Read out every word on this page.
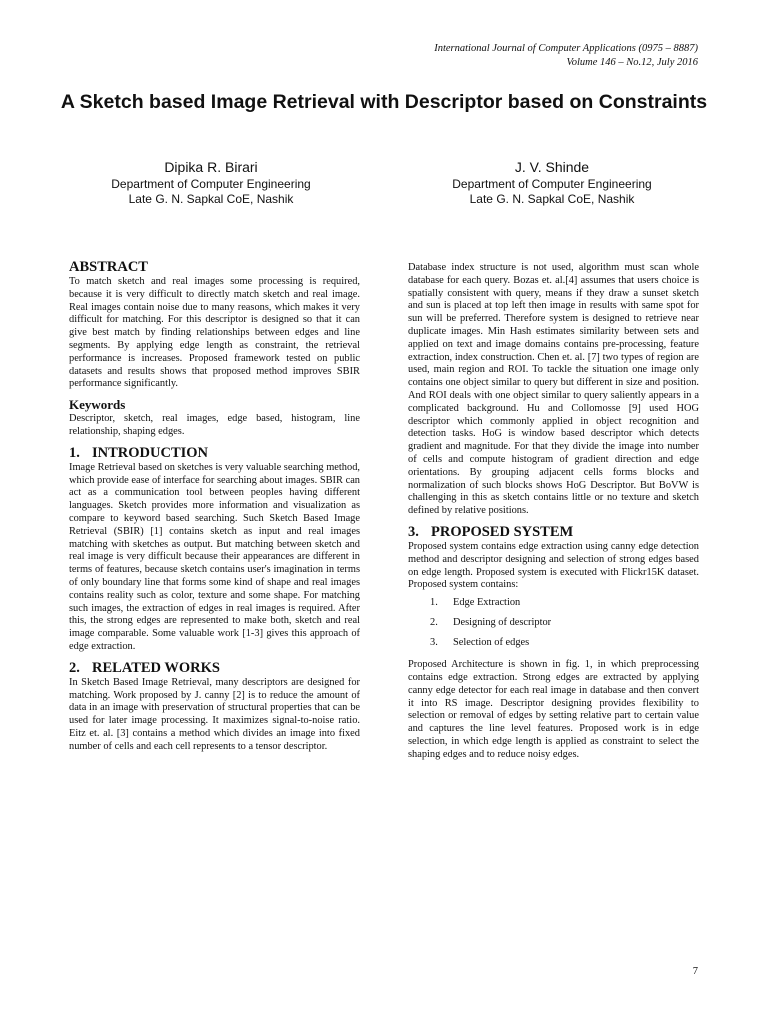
International Journal of Computer Applications (0975 – 8887)
Volume 146 – No.12, July 2016
A Sketch based Image Retrieval with Descriptor based on Constraints
Dipika R. Birari
Department of Computer Engineering
Late G. N. Sapkal CoE, Nashik
J. V. Shinde
Department of Computer Engineering
Late G. N. Sapkal CoE, Nashik
ABSTRACT

To match sketch and real images some processing is required, because it is very difficult to directly match sketch and real image. Real images contain noise due to many reasons, which makes it very difficult for matching. For this descriptor is designed so that it can give best match by finding relationships between edges and line segments. By applying edge length as constraint, the retrieval performance is increases. Proposed framework tested on public datasets and results shows that proposed method improves SBIR performance significantly.

Keywords

Descriptor, sketch, real images, edge based, histogram, line relationship, shaping edges.

1. INTRODUCTION

Image Retrieval based on sketches is very valuable searching method, which provide ease of interface for searching about images. SBIR can act as a communication tool between peoples having different languages. Sketch provides more information and visualization as compare to keyword based searching. Such Sketch Based Image Retrieval (SBIR) [1] contains sketch as input and real images matching with sketches as output. But matching between sketch and real image is very difficult because their appearances are different in terms of features, because sketch contains user's imagination in terms of only boundary line that forms some kind of shape and real images contains reality such as color, texture and some shape. For matching such images, the extraction of edges in real images is required. After this, the strong edges are represented to make both, sketch and real image comparable. Some valuable work [1-3] gives this approach of edge extraction.

2. RELATED WORKS

In Sketch Based Image Retrieval, many descriptors are designed for matching. Work proposed by J. canny [2] is to reduce the amount of data in an image with preservation of structural properties that can be used for later image processing. It maximizes signal-to-noise ratio. Eitz et. al. [3] contains a method which divides an image into fixed number of cells and each cell represents to a tensor descriptor.

Database index structure is not used, algorithm must scan whole database for each query. Bozas et. al.[4] assumes that users choice is spatially consistent with query, means if they draw a sunset sketch and sun is placed at top left then image in results with same spot for sun will be preferred. Therefore system is designed to retrieve near duplicate images. Min Hash estimates similarity between sets and applied on text and image domains contains pre-processing, feature extraction, index construction. Chen et. al. [7] two types of region are used, main region and ROI. To tackle the situation one image only contains one object similar to query but different in size and position. And ROI deals with one object similar to query saliently appears in a complicated background. Hu and Collomosse [9] used HOG descriptor which commonly applied in object recognition and detection tasks. HoG is window based descriptor which detects gradient and magnitude. For that they divide the image into number of cells and compute histogram of gradient direction and edge orientations. By grouping adjacent cells forms blocks and normalization of such blocks shows HoG Descriptor. But BoVW is challenging in this as sketch contains little or no texture and sketch defined by relative positions.

3. PROPOSED SYSTEM

Proposed system contains edge extraction using canny edge detection method and descriptor designing and selection of strong edges based on edge length. Proposed system is executed with Flickr15K dataset. Proposed system contains:

1. Edge Extraction
2. Designing of descriptor
3. Selection of edges

Proposed Architecture is shown in fig. 1, in which preprocessing contains edge extraction. Strong edges are extracted by applying canny edge detector for each real image in database and then convert it into RS image. Descriptor designing provides flexibility to selection or removal of edges by setting relative part to certain value and captures the line level features. Proposed work is in edge selection, in which edge length is applied as constraint to select the shaping edges and to reduce noisy edges.

7
